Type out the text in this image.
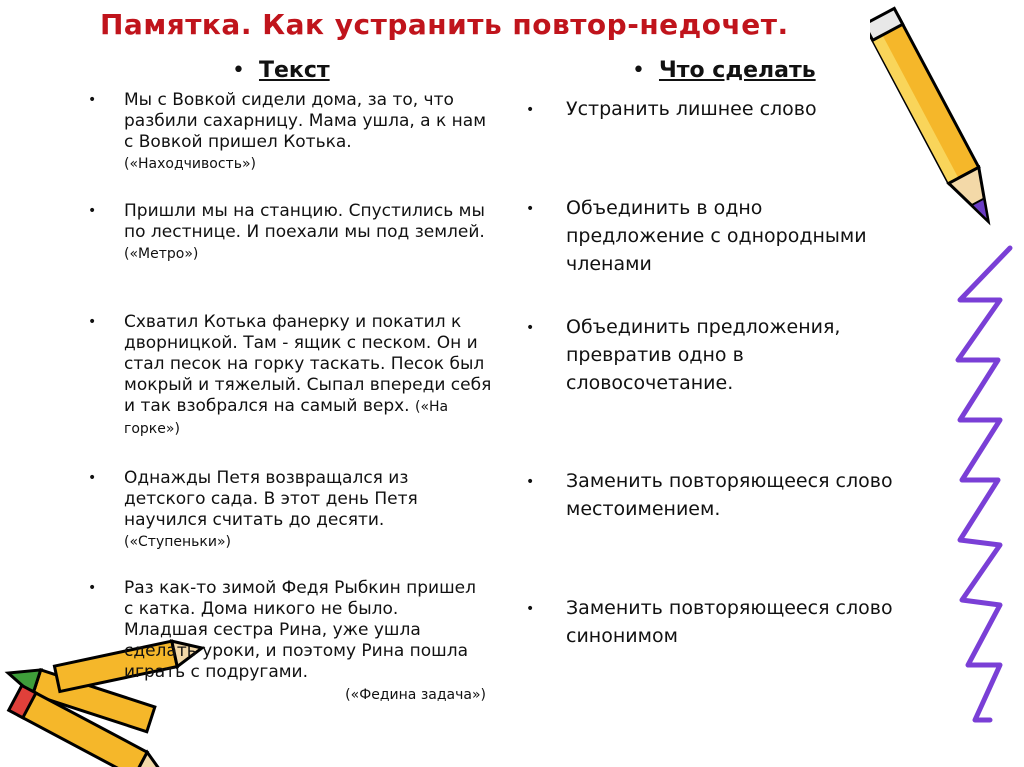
Памятка. Как устранить повтор-недочет.
• Текст	• Что сделать
• Мы с Вовкой сидели дома, за то, что разбили сахарницу. Мама ушла, а к нам с Вовкой пришел Котька. («Находчивость»)
• Пришли мы на станцию. Спустились мы по лестнице. И поехали мы под землей. («Метро»)
• Схватил Котька фанерку и покатил к дворницкой. Там - ящик с песком. Он и стал песок на горку таскать. Песок был мокрый и тяжелый. Сыпал впереди себя и так взобрался на самый верх. («На горке»)
• Однажды Петя возвращался из детского сада. В этот день Петя научился считать до десяти. («Ступеньки»)
• Раз как-то зимой Федя Рыбкин пришел с катка. Дома никого не было. Младшая сестра Рина, уже ушла сделать уроки, и поэтому Рина пошла играть с подругами.
(«Федина задача»)
• Устранить лишнее слово
• Объединить в одно предложение с однородными членами
• Объединить предложения, превратив одно в словосочетание.
• Заменить повторяющееся слово местоимением.
• Заменить повторяющееся слово синонимом
